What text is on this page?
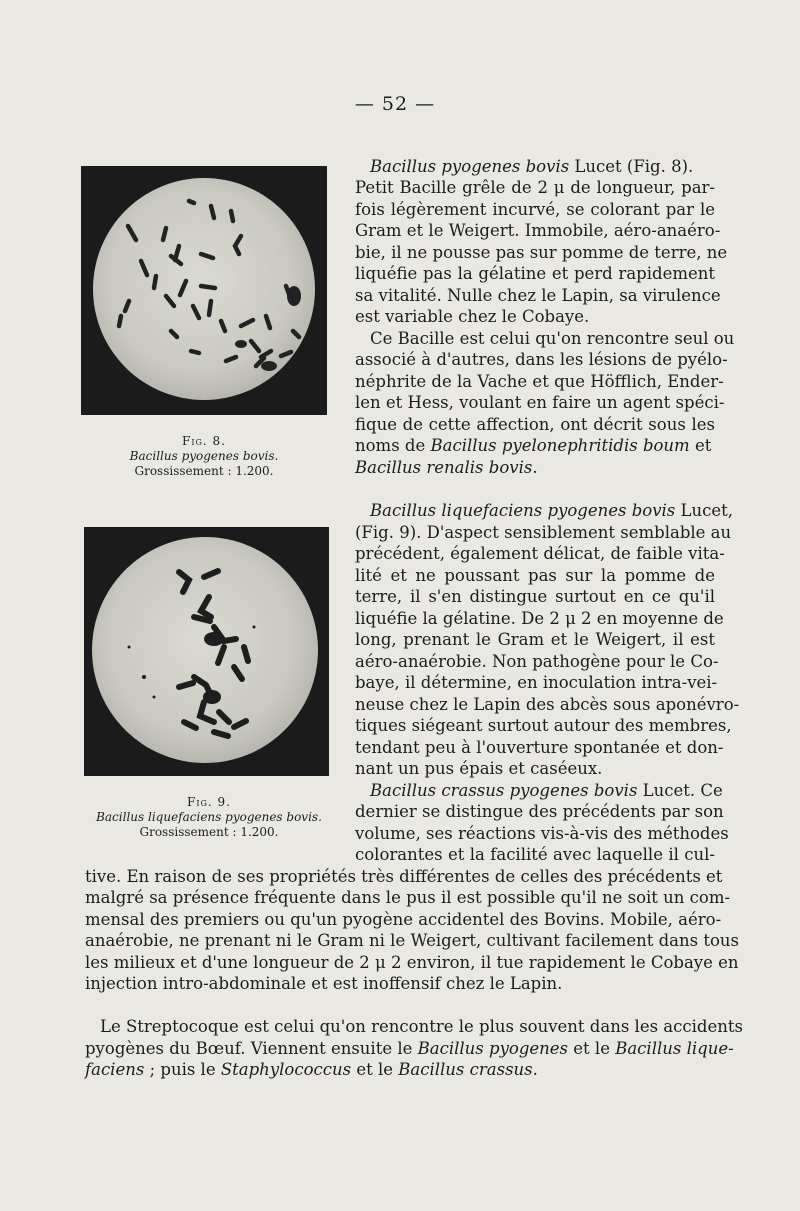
— 52 —
Fig. 8.
Bacillus pyogenes bovis.
Grossissement : 1.200.
Fig. 9.
Bacillus liquefaciens pyogenes bovis.
Grossissement : 1.200.
Bacillus pyogenes bovis Lucet (Fig. 8).
Petit Bacille grêle de 2 μ de longueur, par-
fois légèrement incurvé, se colorant par le
Gram et le Weigert. Immobile, aéro-anaéro-
bie, il ne pousse pas sur pomme de terre, ne
liquéfie pas la gélatine et perd rapidement
sa vitalité. Nulle chez le Lapin, sa virulence
est variable chez le Cobaye.
Ce Bacille est celui qu'on rencontre seul ou
associé à d'autres, dans les lésions de pyélo-
néphrite de la Vache et que Höfflich, Ender-
len et Hess, voulant en faire un agent spéci-
fique de cette affection, ont décrit sous les
noms de Bacillus pyelonephritidis boum et
Bacillus renalis bovis.
Bacillus liquefaciens pyogenes bovis Lucet,
(Fig. 9). D'aspect sensiblement semblable au
précédent, également délicat, de faible vita-
lité et ne poussant pas sur la pomme de
terre, il s'en distingue surtout en ce qu'il
liquéfie la gélatine. De 2 μ 2 en moyenne de
long, prenant le Gram et le Weigert, il est
aéro-anaérobie. Non pathogène pour le Co-
baye, il détermine, en inoculation intra-vei-
neuse chez le Lapin des abcès sous aponévro-
tiques siégeant surtout autour des membres,
tendant peu à l'ouverture spontanée et don-
nant un pus épais et caséeux.
Bacillus crassus pyogenes bovis Lucet. Ce
dernier se distingue des précédents par son
volume, ses réactions vis-à-vis des méthodes
colorantes et la facilité avec laquelle il cul-
tive. En raison de ses propriétés très différentes de celles des précédents et
malgré sa présence fréquente dans le pus il est possible qu'il ne soit un com-
mensal des premiers ou qu'un pyogène accidentel des Bovins. Mobile, aéro-
anaérobie, ne prenant ni le Gram ni le Weigert, cultivant facilement dans tous
les milieux et d'une longueur de 2 μ 2 environ, il tue rapidement le Cobaye en
injection intro-abdominale et est inoffensif chez le Lapin.
Le Streptocoque est celui qu'on rencontre le plus souvent dans les accidents
pyogènes du Bœuf. Viennent ensuite le Bacillus pyogenes et le Bacillus lique-
faciens ; puis le Staphylococcus et le Bacillus crassus.
